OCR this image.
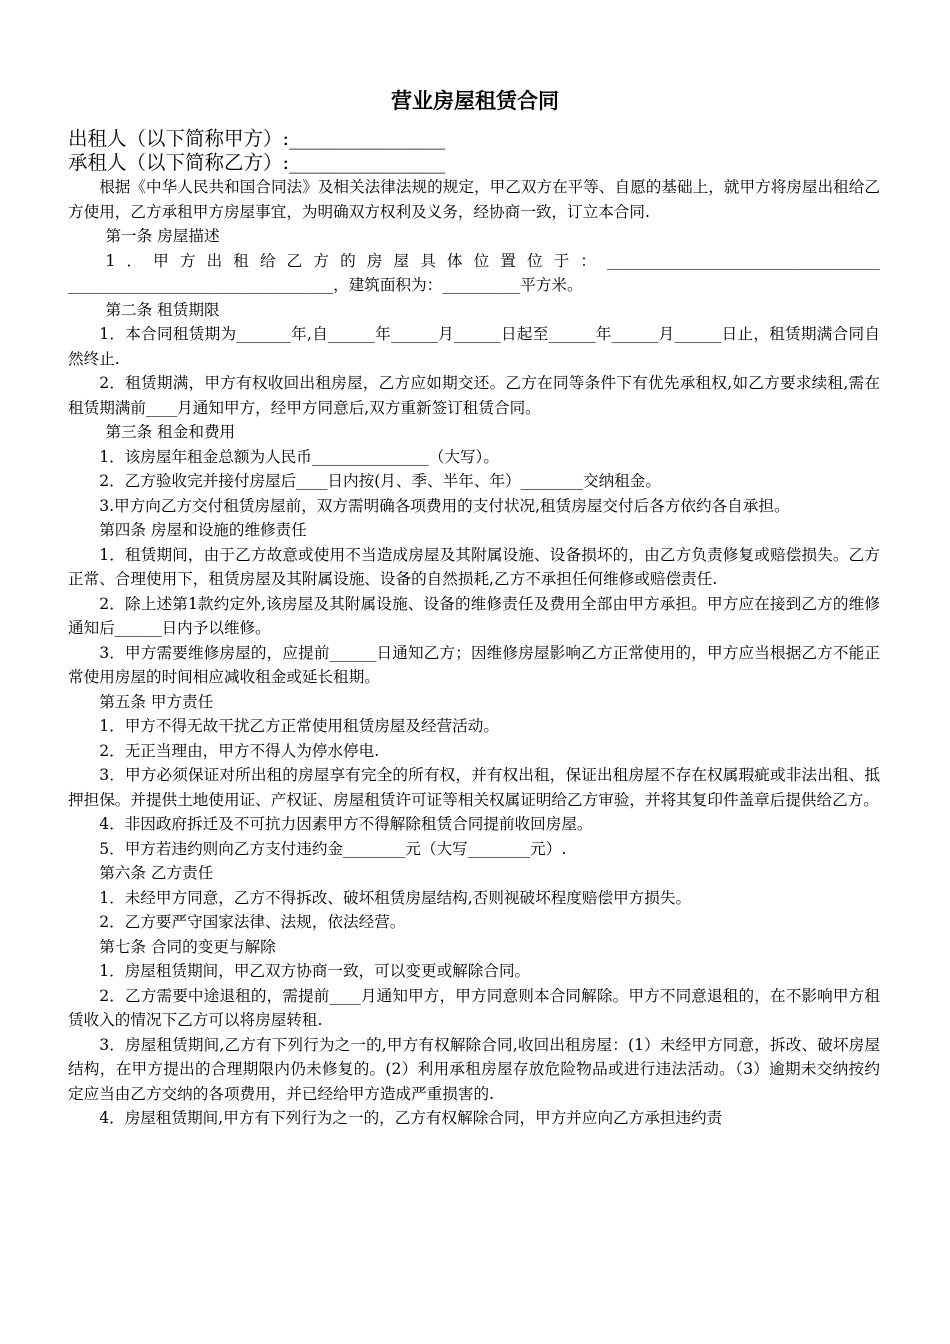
营业房屋租赁合同
出租人（以下简称甲方）:________________
承租人（以下简称乙方）:________________

根据《中华人民共和国合同法》及相关法律法规的规定，甲乙双方在平等、自愿的基础上，就甲方将房屋出租给乙方使用，乙方承租甲方房屋事宜，为明确双方权利及义务，经协商一致，订立本合同.

第一条 房屋描述

1．甲方出租给乙方的房屋具体位置位于：___________________________________ __________________________________，建筑面积为：__________平方米。

第二条 租赁期限

1．本合同租赁期为_______年,自______年______月______日起至______年______月______日止，租赁期满合同自然终止.

2．租赁期满，甲方有权收回出租房屋，乙方应如期交还。乙方在同等条件下有优先承租权,如乙方要求续租,需在租赁期满前____月通知甲方，经甲方同意后,双方重新签订租赁合同。

第三条 租金和费用

1．该房屋年租金总额为人民币_______________（大写）。

2．乙方验收完并接付房屋后____日内按(月、季、半年、年）________交纳租金。

3.甲方向乙方交付租赁房屋前，双方需明确各项费用的支付状况,租赁房屋交付后各方依约各自承担。

第四条 房屋和设施的维修责任

1．租赁期间，由于乙方故意或使用不当造成房屋及其附属设施、设备损坏的，由乙方负责修复或赔偿损失。乙方正常、合理使用下，租赁房屋及其附属设施、设备的自然损耗,乙方不承担任何维修或赔偿责任.

2．除上述第1款约定外,该房屋及其附属设施、设备的维修责任及费用全部由甲方承担。甲方应在接到乙方的维修通知后______日内予以维修。

3．甲方需要维修房屋的，应提前______日通知乙方；因维修房屋影响乙方正常使用的，甲方应当根据乙方不能正常使用房屋的时间相应减收租金或延长租期。

第五条 甲方责任

1．甲方不得无故干扰乙方正常使用租赁房屋及经营活动。

2．无正当理由，甲方不得人为停水停电.

3．甲方必须保证对所出租的房屋享有完全的所有权，并有权出租，保证出租房屋不存在权属瑕疵或非法出租、抵押担保。并提供土地使用证、产权证、房屋租赁许可证等相关权属证明给乙方审验，并将其复印件盖章后提供给乙方。

4．非因政府拆迁及不可抗力因素甲方不得解除租赁合同提前收回房屋。

5．甲方若违约则向乙方支付违约金________元（大写________元）.

第六条 乙方责任

1．未经甲方同意，乙方不得拆改、破坏租赁房屋结构,否则视破坏程度赔偿甲方损失。

2．乙方要严守国家法律、法规，依法经营。

第七条 合同的变更与解除

1．房屋租赁期间，甲乙双方协商一致，可以变更或解除合同。

2．乙方需要中途退租的，需提前____月通知甲方，甲方同意则本合同解除。甲方不同意退租的，在不影响甲方租赁收入的情况下乙方可以将房屋转租.

3．房屋租赁期间,乙方有下列行为之一的,甲方有权解除合同,收回出租房屋：(1）未经甲方同意，拆改、破坏房屋结构，在甲方提出的合理期限内仍未修复的。(2）利用承租房屋存放危险物品或进行违法活动。（3）逾期未交纳按约定应当由乙方交纳的各项费用，并已经给甲方造成严重损害的.

4．房屋租赁期间,甲方有下列行为之一的，乙方有权解除合同，甲方并应向乙方承担违约责
